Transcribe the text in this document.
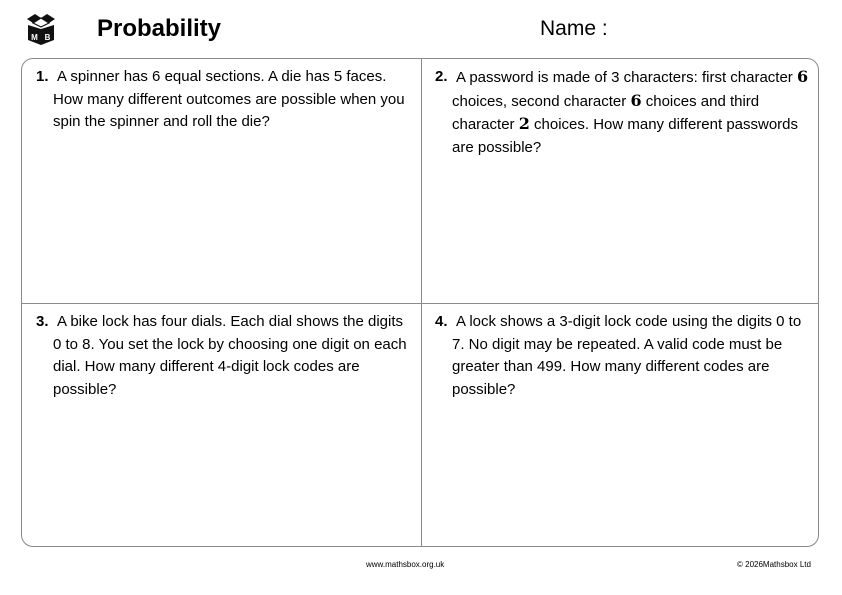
M B Probability	Name :
1. A spinner has 6 equal sections. A die has 5 faces. How many different outcomes are possible when you spin the spinner and roll the die?
2. A password is made of 3 characters: first character 6 choices, second character 6 choices and third character 2 choices. How many different passwords are possible?
3. A bike lock has four dials. Each dial shows the digits 0 to 8. You set the lock by choosing one digit on each dial. How many different 4-digit lock codes are possible?
4. A lock shows a 3-digit lock code using the digits 0 to 7. No digit may be repeated. A valid code must be greater than 499. How many different codes are possible?
www.mathsbox.org.uk	© 2026Mathsbox Ltd
